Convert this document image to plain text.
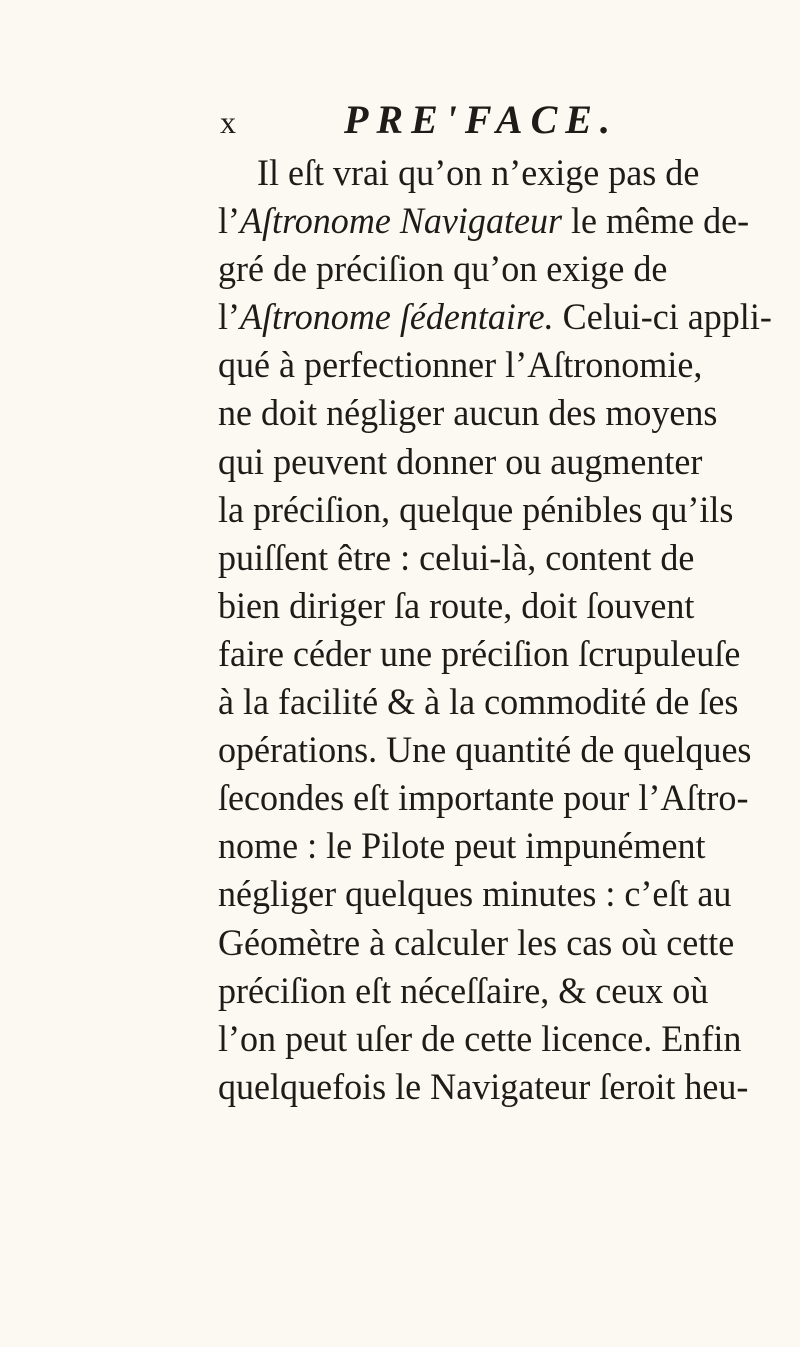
x	PRE'FACE.
Il eſt vrai qu’on n’exige pas de
l’Aſtronome Navigateur le même de-
gré de préciſion qu’on exige de
l’Aſtronome ſédentaire. Celui-ci appli-
qué à perfectionner l’Aſtronomie,
ne doit négliger aucun des moyens
qui peuvent donner ou augmenter
la préciſion, quelque pénibles qu’ils
puiſſent être : celui-là, content de
bien diriger ſa route, doit ſouvent
faire céder une préciſion ſcrupuleuſe
à la facilité & à la commodité de ſes
opérations. Une quantité de quelques
ſecondes eſt importante pour l’Aſtro-
nome : le Pilote peut impunément
négliger quelques minutes : c’eſt au
Géomètre à calculer les cas où cette
préciſion eſt néceſſaire, & ceux où
l’on peut uſer de cette licence. Enfin
quelquefois le Navigateur ſeroit heu-
